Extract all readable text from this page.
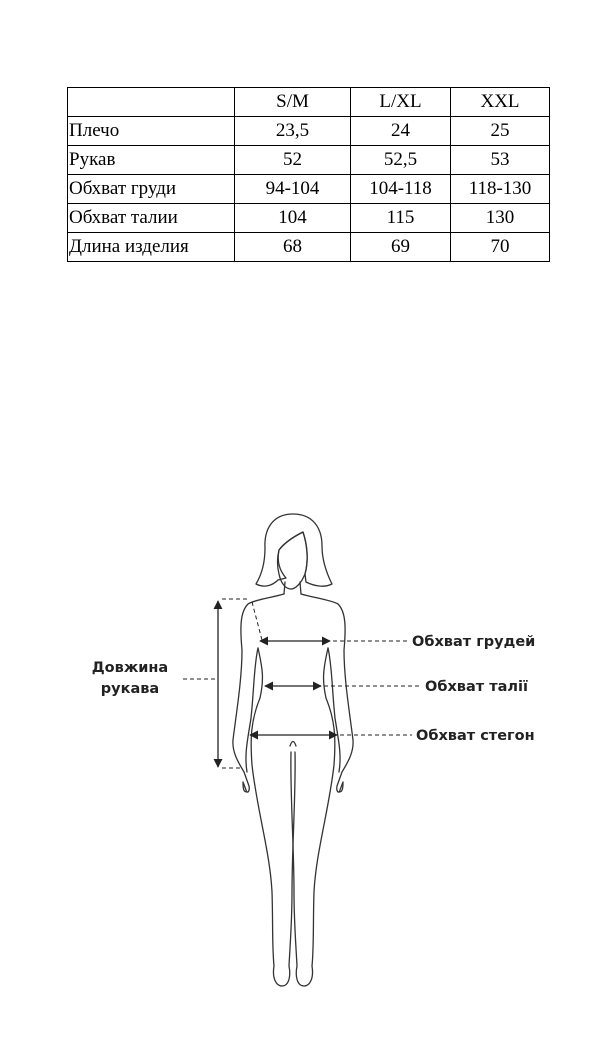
	S/M	L/XL	XXL
Плечо	23,5	24	25
Рукав	52	52,5	53
Обхват груди	94-104	104-118	118-130
Обхват талии	104	115	130
Длина изделия	68	69	70
Довжина
рукава
Обхват грудей
Обхват талії
Обхват стегон
